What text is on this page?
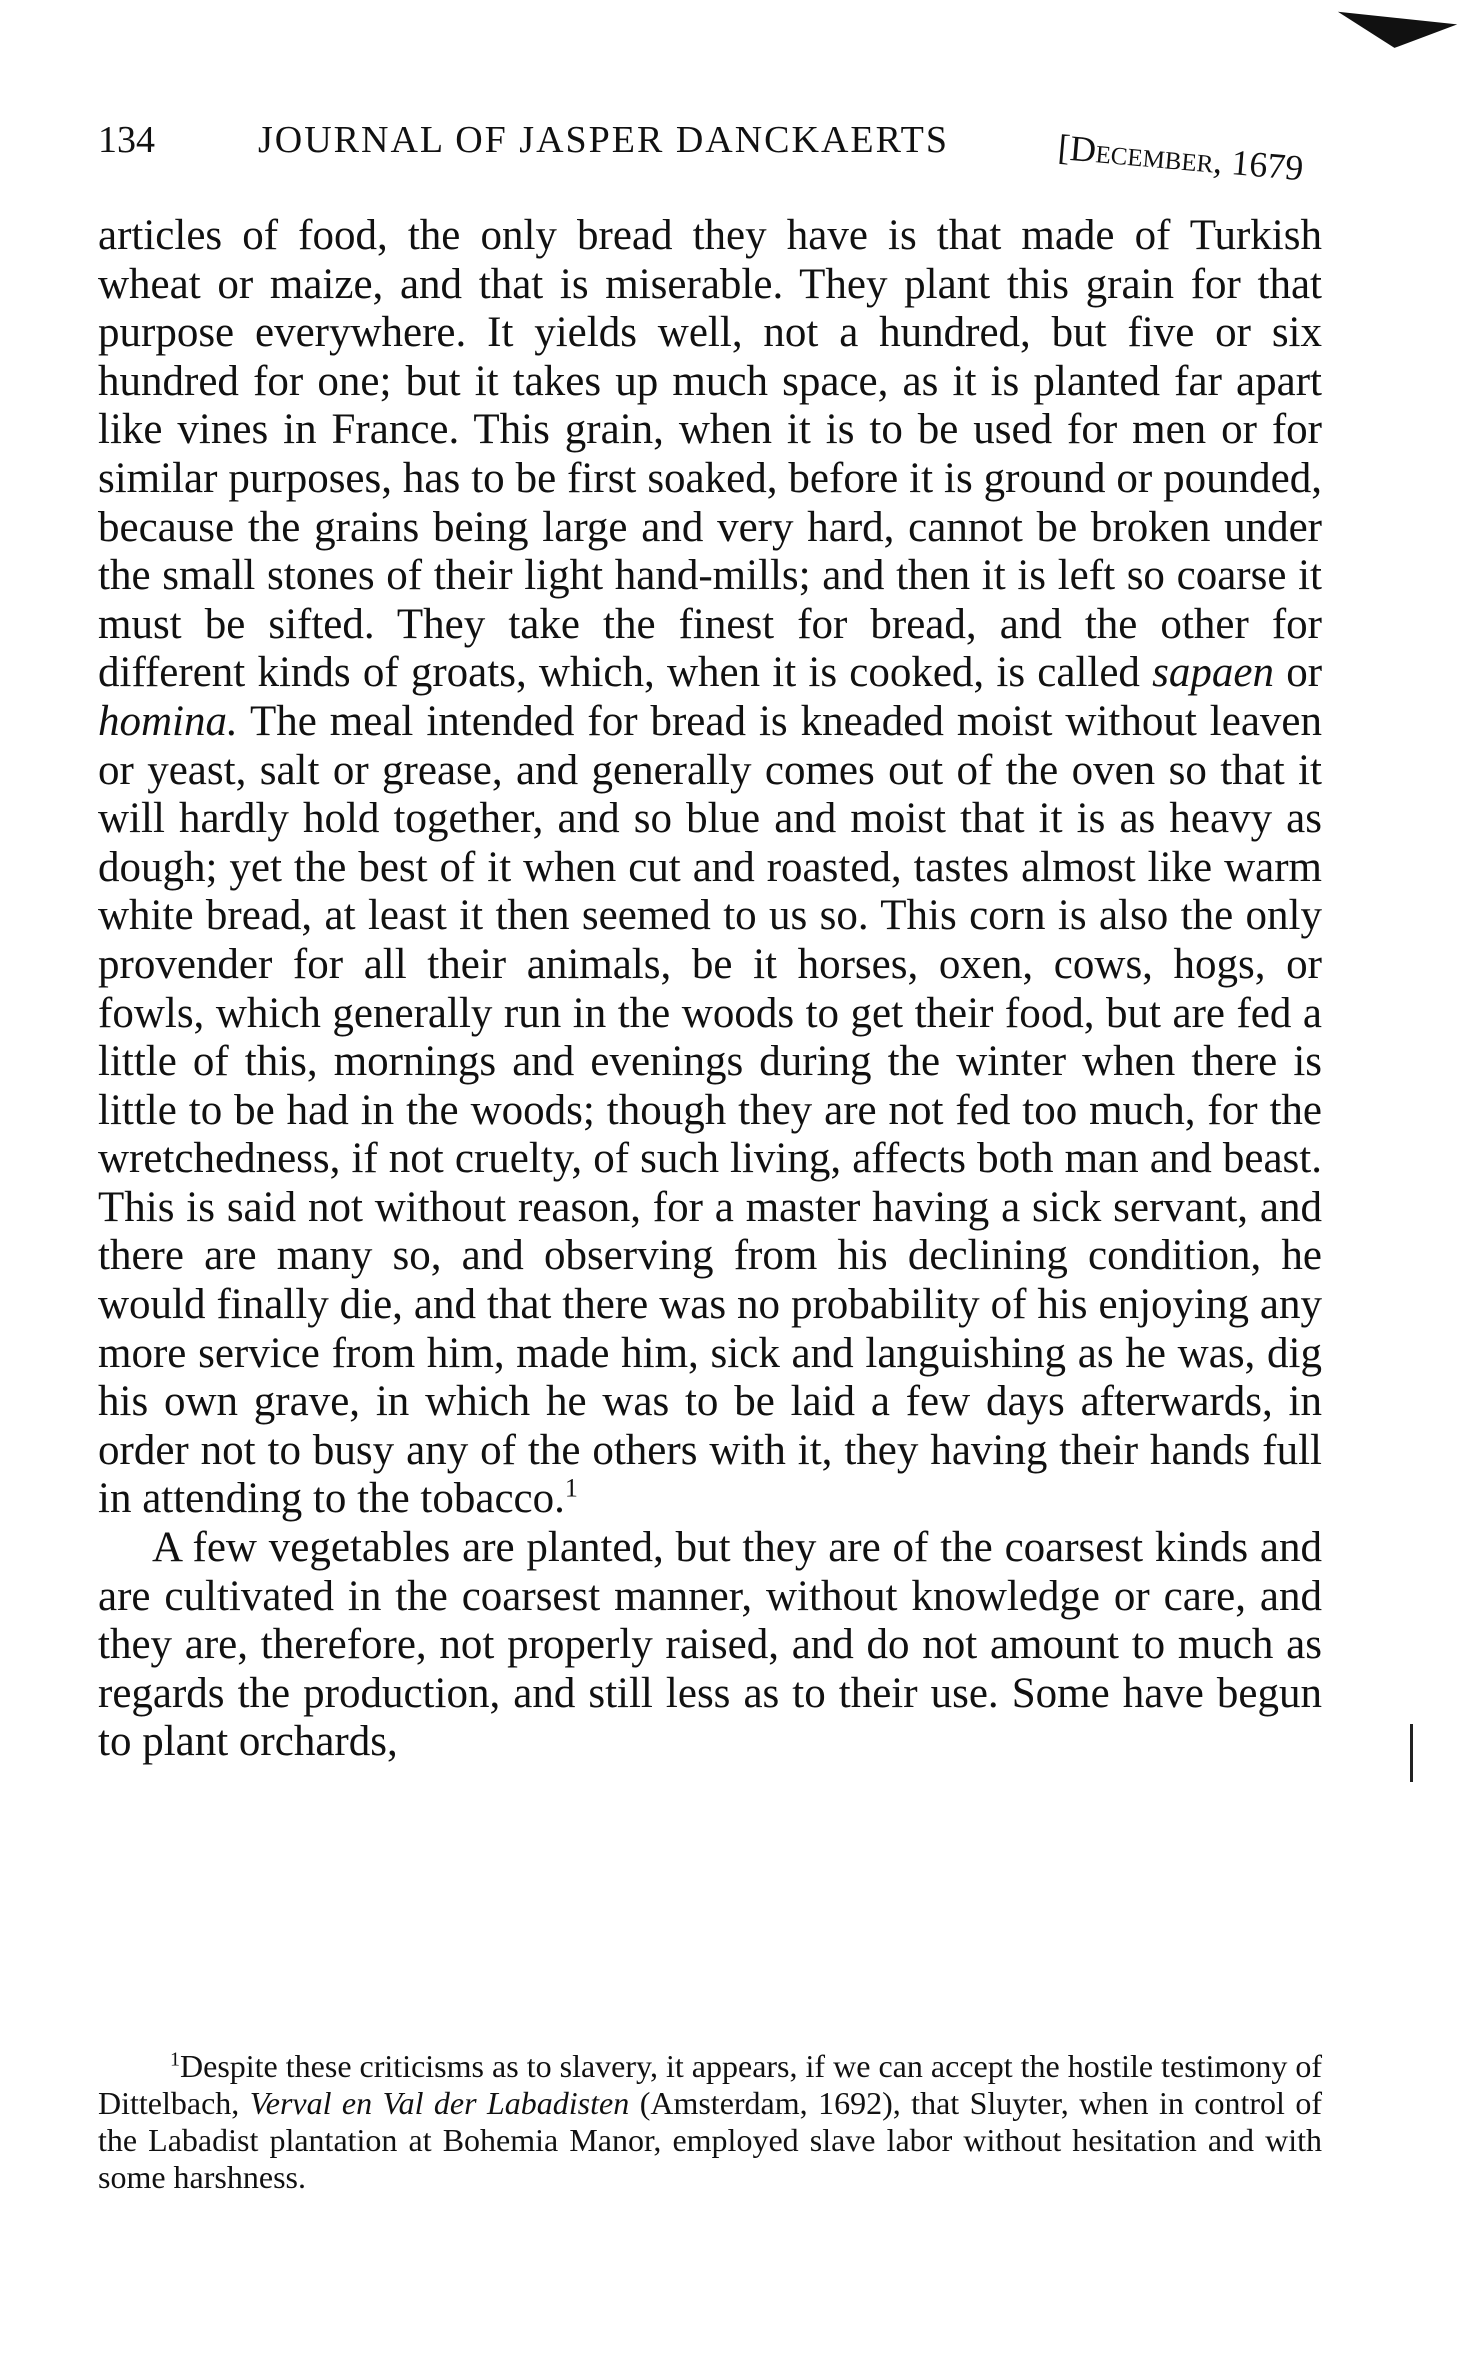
134	JOURNAL OF JASPER DANCKAERTS	[December, 1679

articles of food, the only bread they have is that made of Turkish wheat or maize, and that is miserable. They plant this grain for that purpose everywhere. It yields well, not a hundred, but five or six hundred for one; but it takes up much space, as it is planted far apart like vines in France. This grain, when it is to be used for men or for similar purposes, has to be first soaked, before it is ground or pounded, because the grains being large and very hard, cannot be broken under the small stones of their light hand-mills; and then it is left so coarse it must be sifted. They take the finest for bread, and the other for different kinds of groats, which, when it is cooked, is called sapaen or homina. The meal intended for bread is kneaded moist without leaven or yeast, salt or grease, and generally comes out of the oven so that it will hardly hold together, and so blue and moist that it is as heavy as dough; yet the best of it when cut and roasted, tastes almost like warm white bread, at least it then seemed to us so. This corn is also the only provender for all their animals, be it horses, oxen, cows, hogs, or fowls, which generally run in the woods to get their food, but are fed a little of this, mornings and evenings during the winter when there is little to be had in the woods; though they are not fed too much, for the wretchedness, if not cruelty, of such living, affects both man and beast. This is said not without reason, for a master having a sick servant, and there are many so, and observing from his declining condition, he would finally die, and that there was no probability of his enjoying any more service from him, made him, sick and languishing as he was, dig his own grave, in which he was to be laid a few days afterwards, in order not to busy any of the others with it, they having their hands full in attending to the tobacco.$^1$

A few vegetables are planted, but they are of the coarsest kinds and are cultivated in the coarsest manner, without knowledge or care, and they are, therefore, not properly raised, and do not amount to much as regards the production, and still less as to their use. Some have begun to plant orchards,

$^1$Despite these criticisms as to slavery, it appears, if we can accept the hostile testimony of Dittelbach, Verval en Val der Labadisten (Amsterdam, 1692), that Sluyter, when in control of the Labadist plantation at Bohemia Manor, employed slave labor without hesitation and with some harshness.
